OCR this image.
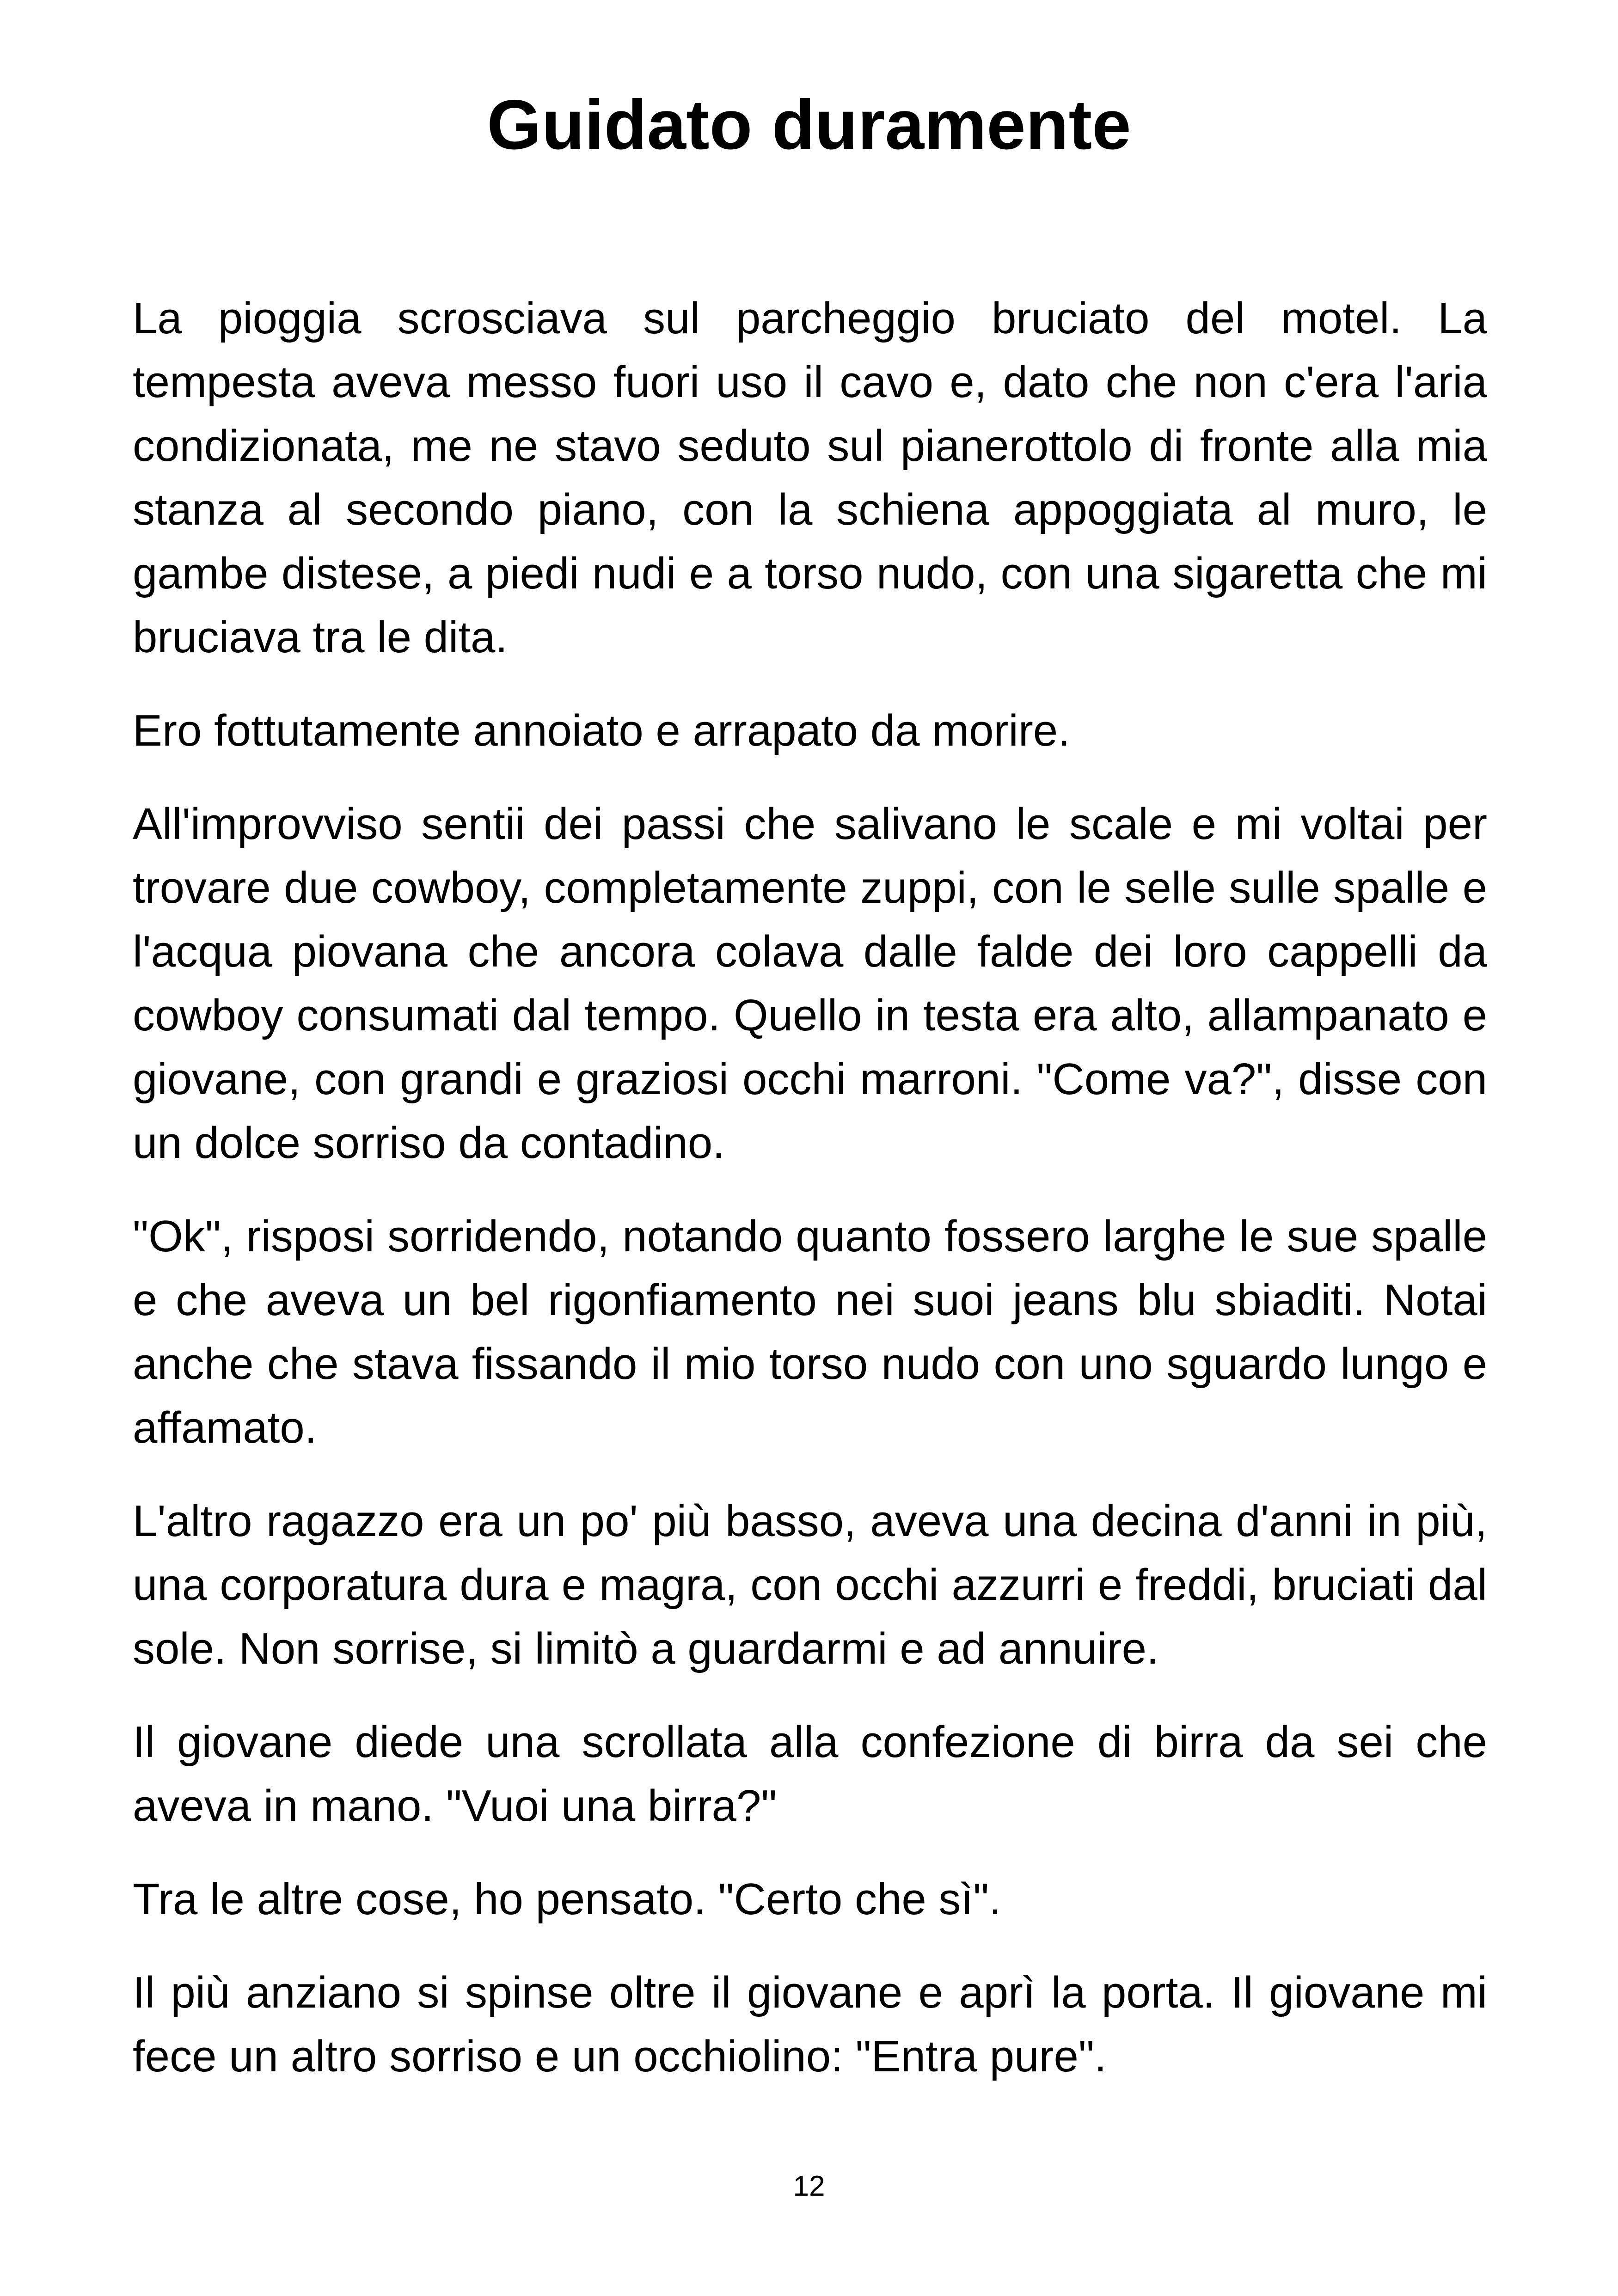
Guidato duramente

La pioggia scrosciava sul parcheggio bruciato del motel. La tempesta aveva messo fuori uso il cavo e, dato che non c'era l'aria condizionata, me ne stavo seduto sul pianerottolo di fronte alla mia stanza al secondo piano, con la schiena appoggiata al muro, le gambe distese, a piedi nudi e a torso nudo, con una sigaretta che mi bruciava tra le dita.

Ero fottutamente annoiato e arrapato da morire.

All'improvviso sentii dei passi che salivano le scale e mi voltai per trovare due cowboy, completamente zuppi, con le selle sulle spalle e l'acqua piovana che ancora colava dalle falde dei loro cappelli da cowboy consumati dal tempo. Quello in testa era alto, allampanato e giovane, con grandi e graziosi occhi marroni. "Come va?", disse con un dolce sorriso da contadino.

"Ok", risposi sorridendo, notando quanto fossero larghe le sue spalle e che aveva un bel rigonfiamento nei suoi jeans blu sbiaditi. Notai anche che stava fissando il mio torso nudo con uno sguardo lungo e affamato.

L'altro ragazzo era un po' più basso, aveva una decina d'anni in più, una corporatura dura e magra, con occhi azzurri e freddi, bruciati dal sole. Non sorrise, si limitò a guardarmi e ad annuire.

Il giovane diede una scrollata alla confezione di birra da sei che aveva in mano. "Vuoi una birra?"

Tra le altre cose, ho pensato. "Certo che sì".

Il più anziano si spinse oltre il giovane e aprì la porta. Il giovane mi fece un altro sorriso e un occhiolino: "Entra pure".

12
